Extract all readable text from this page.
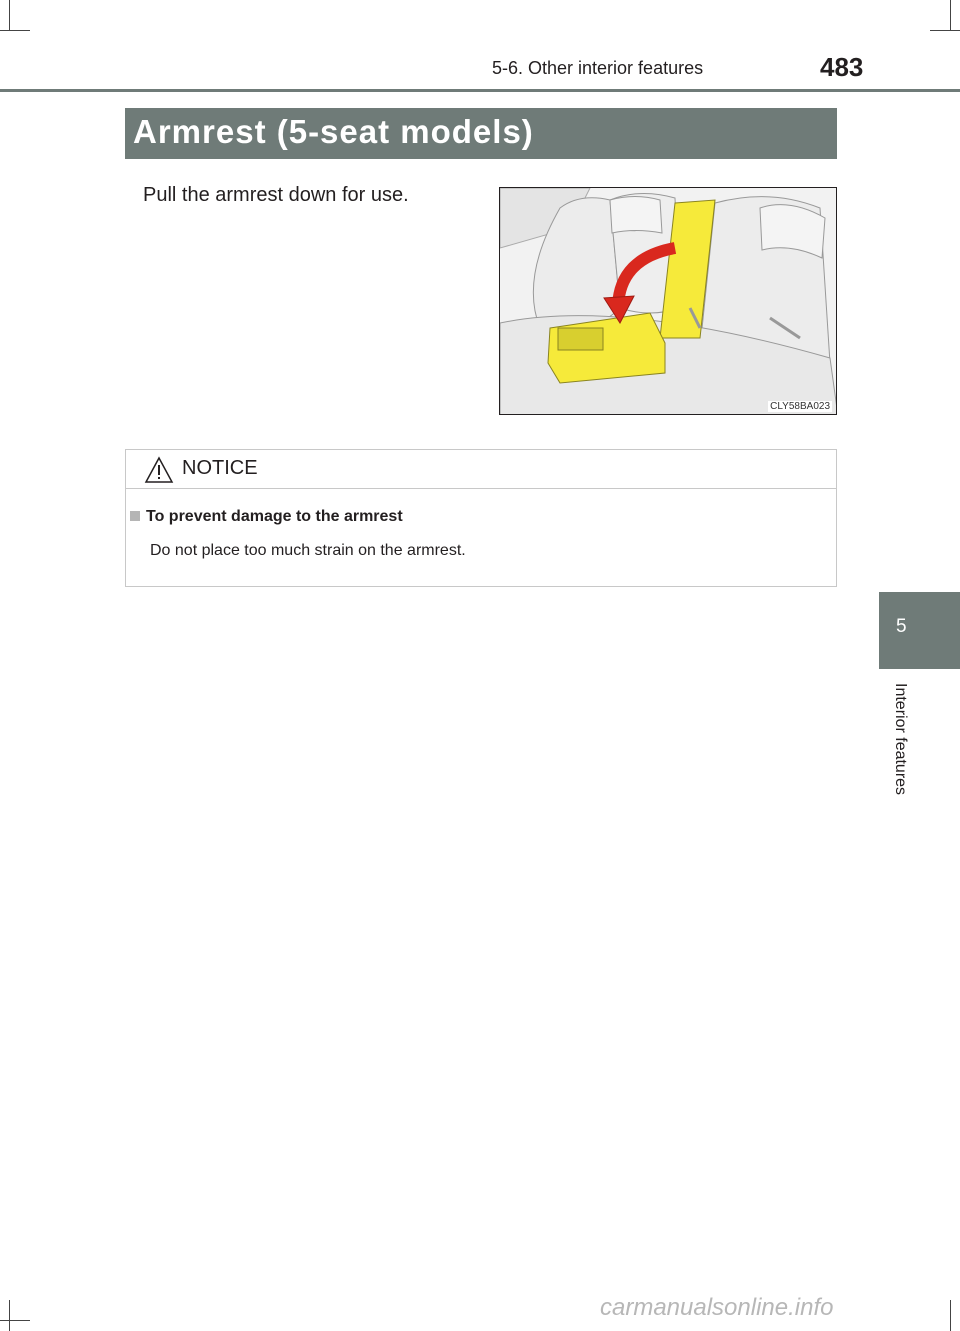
5-6. Other interior features	483
Armrest (5-seat models)
Pull the armrest down for use.
CLY58BA023
NOTICE
To prevent damage to the armrest
Do not place too much strain on the armrest.
5
Interior features
carmanualsonline.info
